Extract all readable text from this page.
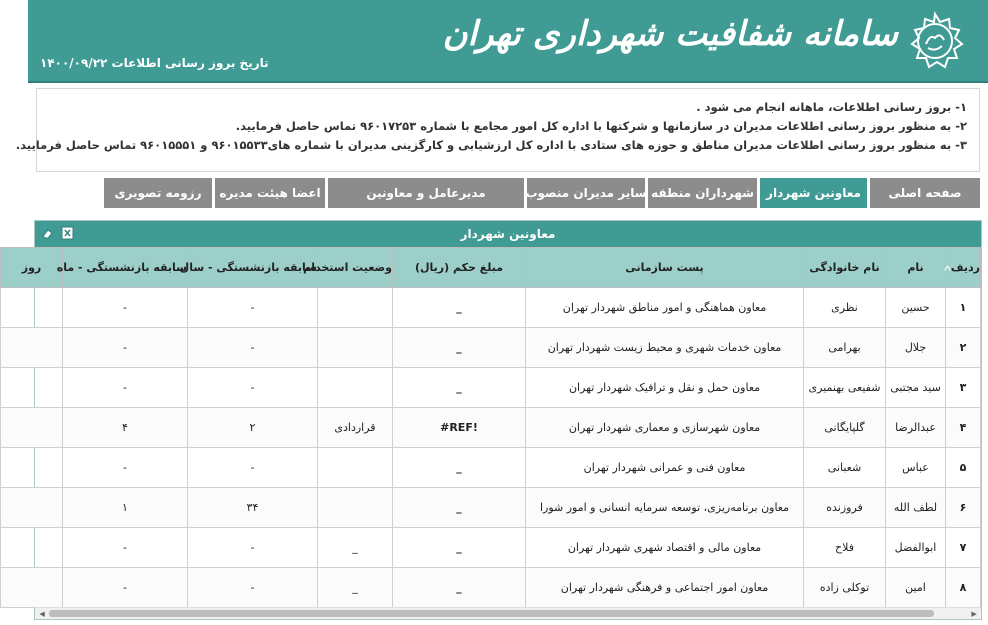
سامانه شفافیت شهرداری تهران
تاریخ بروز رسانی اطلاعات ۱۴۰۰/۰۹/۲۲

۱- بروز رسانی اطلاعات، ماهانه انجام می شود .

۲- به منظور بروز رسانی اطلاعات مدیران در سازمانها و شرکتها با اداره کل امور مجامع با شماره ۹۶۰۱۷۲۵۳ تماس حاصل فرمایید.

۳- به منظور بروز رسانی اطلاعات مدیران مناطق و حوزه های ستادی با اداره کل ارزشیابی و کارگزینی مدیران با شماره های۹۶۰۱۵۵۳۳ و ۹۶۰۱۵۵۵۱ تماس حاصل فرمایید.

صفحه اصلی
معاونین شهردار
شهرداران منطقه
سایر مدیران منصوب
مدیرعامل و معاونین
اعضا هیئت مدیره
رزومه تصویری
معاونین شهردار
ردیف	نام	نام خانوادگی	پست سازمانی	مبلغ حکم (ریال)	وضعیت استخدام	سابقه بازنشستگی - سال	سابقه بازنشستگی - ماه	روز
۱	حسین	نظری	معاون هماهنگی و امور مناطق شهردار تهران	_		-	-	
۲	جلال	بهرامی	معاون خدمات شهری و محیط زیست شهردار تهران	_		-	-	
۳	سید مجتبی	شفیعی بهنمیری	معاون حمل و نقل و ترافیک شهردار تهران	_		-	-	
۴	عبدالرضا	گلپایگانی	معاون شهرسازی و معماری شهردار تهران	#REF!	قراردادی	۲	۴	
۵	عباس	شعبانی	معاون فنی و عمرانی شهردار تهران	_		-	-	
۶	لطف الله	فروزنده	معاون برنامه‌ریزی، توسعه سرمایه انسانی و امور شورا	_		۳۴	۱	
۷	ابوالفضل	فلاح	معاون مالی و اقتصاد شهری شهردار تهران	_	_	-	-	
۸	امین	توکلی زاده	معاون امور اجتماعی و فرهنگی شهردار تهران	_	_	-	-	
◀	▶
